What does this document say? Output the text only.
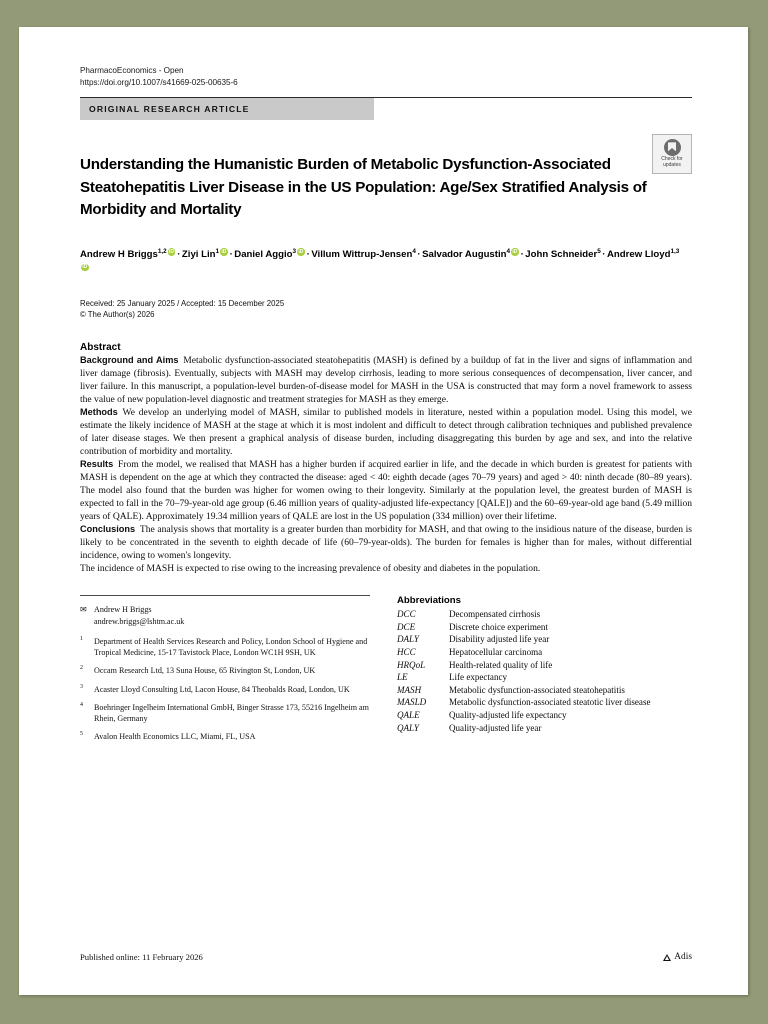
PharmacoEconomics - Open
https://doi.org/10.1007/s41669-025-00635-6
ORIGINAL RESEARCH ARTICLE
Check for
updates
Understanding the Humanistic Burden of Metabolic Dysfunction-Associated Steatohepatitis Liver Disease in the US Population: Age/Sex Stratified Analysis of Morbidity and Mortality
Andrew H Briggs$^{1,2}$ iD · Ziyi Lin$^1$ iD · Daniel Aggio$^3$ iD · Villum Wittrup-Jensen$^4$ · Salvador Augustin$^4$ iD · John Schneider$^5$ · Andrew Lloyd$^{1,3}$iD
Received: 25 January 2025 / Accepted: 15 December 2025
© The Author(s) 2026
Abstract

Background and Aims Metabolic dysfunction-associated steatohepatitis (MASH) is defined by a buildup of fat in the liver and signs of inflammation and liver damage (fibrosis). Eventually, subjects with MASH may develop cirrhosis, leading to more serious consequences of decompensation, liver cancer, and liver failure. In this manuscript, a population-level burden-of-disease model for MASH in the USA is constructed that may form a novel framework to assess the value of new population-level diagnostic and treatment strategies for MASH as they emerge.

Methods We develop an underlying model of MASH, similar to published models in literature, nested within a population model. Using this model, we estimate the likely incidence of MASH at the stage at which it is most indolent and difficult to detect through calibration techniques and published prevalence of later disease stages. We then present a graphical analysis of disease burden, including disaggregating this burden by age and sex, and into the relative contribution of morbidity and mortality.

Results From the model, we realised that MASH has a higher burden if acquired earlier in life, and the decade in which burden is greatest for patients with MASH is dependent on the age at which they contracted the disease: aged < 40: eighth decade (ages 70–79 years) and aged > 40: ninth decade (80–89 years). The model also found that the burden was higher for women owing to their longevity. Similarly at the population level, the greatest burden of MASH is expected to fall in the 70–79-year-old age group (6.46 million years of quality-adjusted life-expectancy [QALE]) and the 60–69-year-old age band (5.49 million years of QALE). Approximately 19.34 million years of QALE are lost in the US population (334 million) over their lifetime.

Conclusions The analysis shows that mortality is a greater burden than morbidity for MASH, and that owing to the insidious nature of the disease, burden is likely to be concentrated in the seventh to eighth decade of life (60–79-year-olds). The burden for females is higher than for males, without differential incidence, owing to women's longevity.

The incidence of MASH is expected to rise owing to the increasing prevalence of obesity and diabetes in the population.

✉ Andrew H Briggs
andrew.briggs@lshtm.ac.uk
1	Department of Health Services Research and Policy, London School of Hygiene and Tropical Medicine, 15-17 Tavistock Place, London WC1H 9SH, UK
2	Occam Research Ltd, 13 Suna House, 65 Rivington St, London, UK
3	Acaster Lloyd Consulting Ltd, Lacon House, 84 Theobalds Road, London, UK
4	Boehringer Ingelheim International GmbH, Binger Strasse 173, 55216 Ingelheim am Rhein, Germany
5	Avalon Health Economics LLC, Miami, FL, USA
Abbreviations
DCC	Decompensated cirrhosis
DCE	Discrete choice experiment
DALY	Disability adjusted life year
HCC	Hepatocellular carcinoma
HRQoL	Health-related quality of life
LE	Life expectancy
MASH	Metabolic dysfunction-associated steatohepatitis
MASLD	Metabolic dysfunction-associated steatotic liver disease
QALE	Quality-adjusted life expectancy
QALY	Quality-adjusted life year
Published online: 11 February 2026	Adis
